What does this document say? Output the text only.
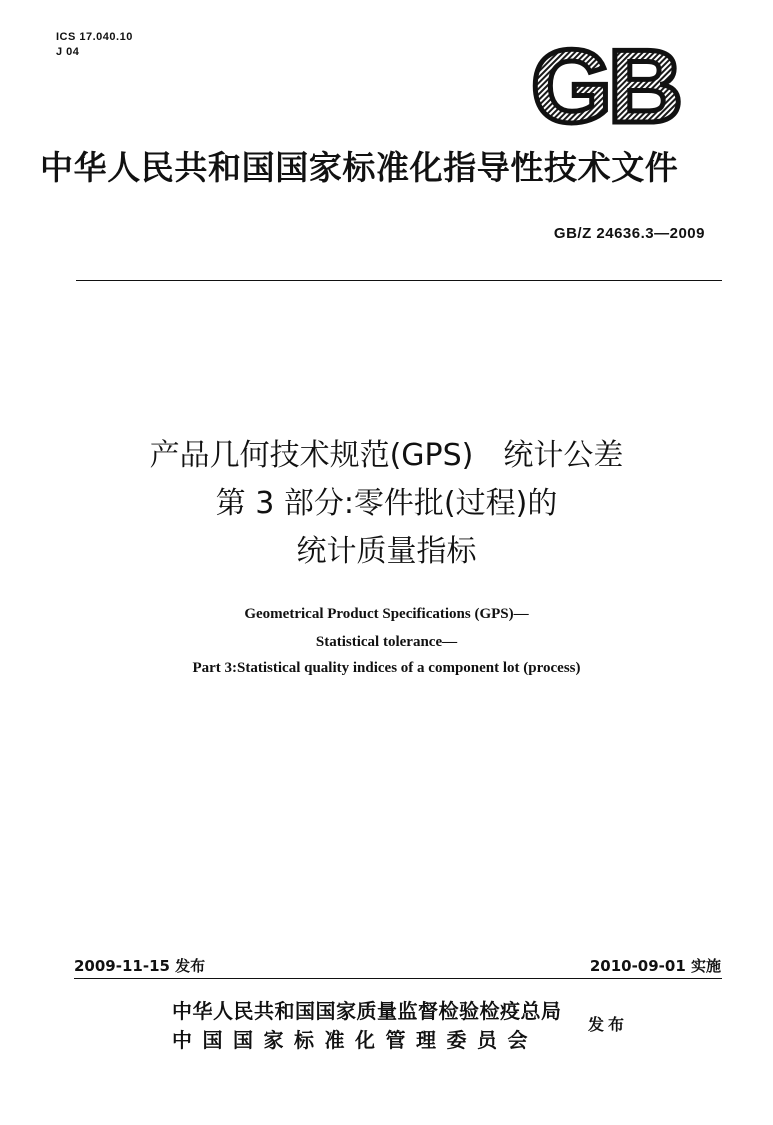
ICS 17.040.10
J 04	GB
中华人民共和国国家标准化指导性技术文件
GB/Z 24636.3—2009
产品几何技术规范(GPS)　统计公差
第 3 部分:零件批(过程)的
统计质量指标
Geometrical Product Specifications (GPS)—
Statistical tolerance—
Part 3:Statistical quality indices of a component lot (process)
2009-11-15 发布	2010-09-01 实施
中华人民共和国国家质量监督检验检疫总局
中国国家标准化管理委员会
发布
